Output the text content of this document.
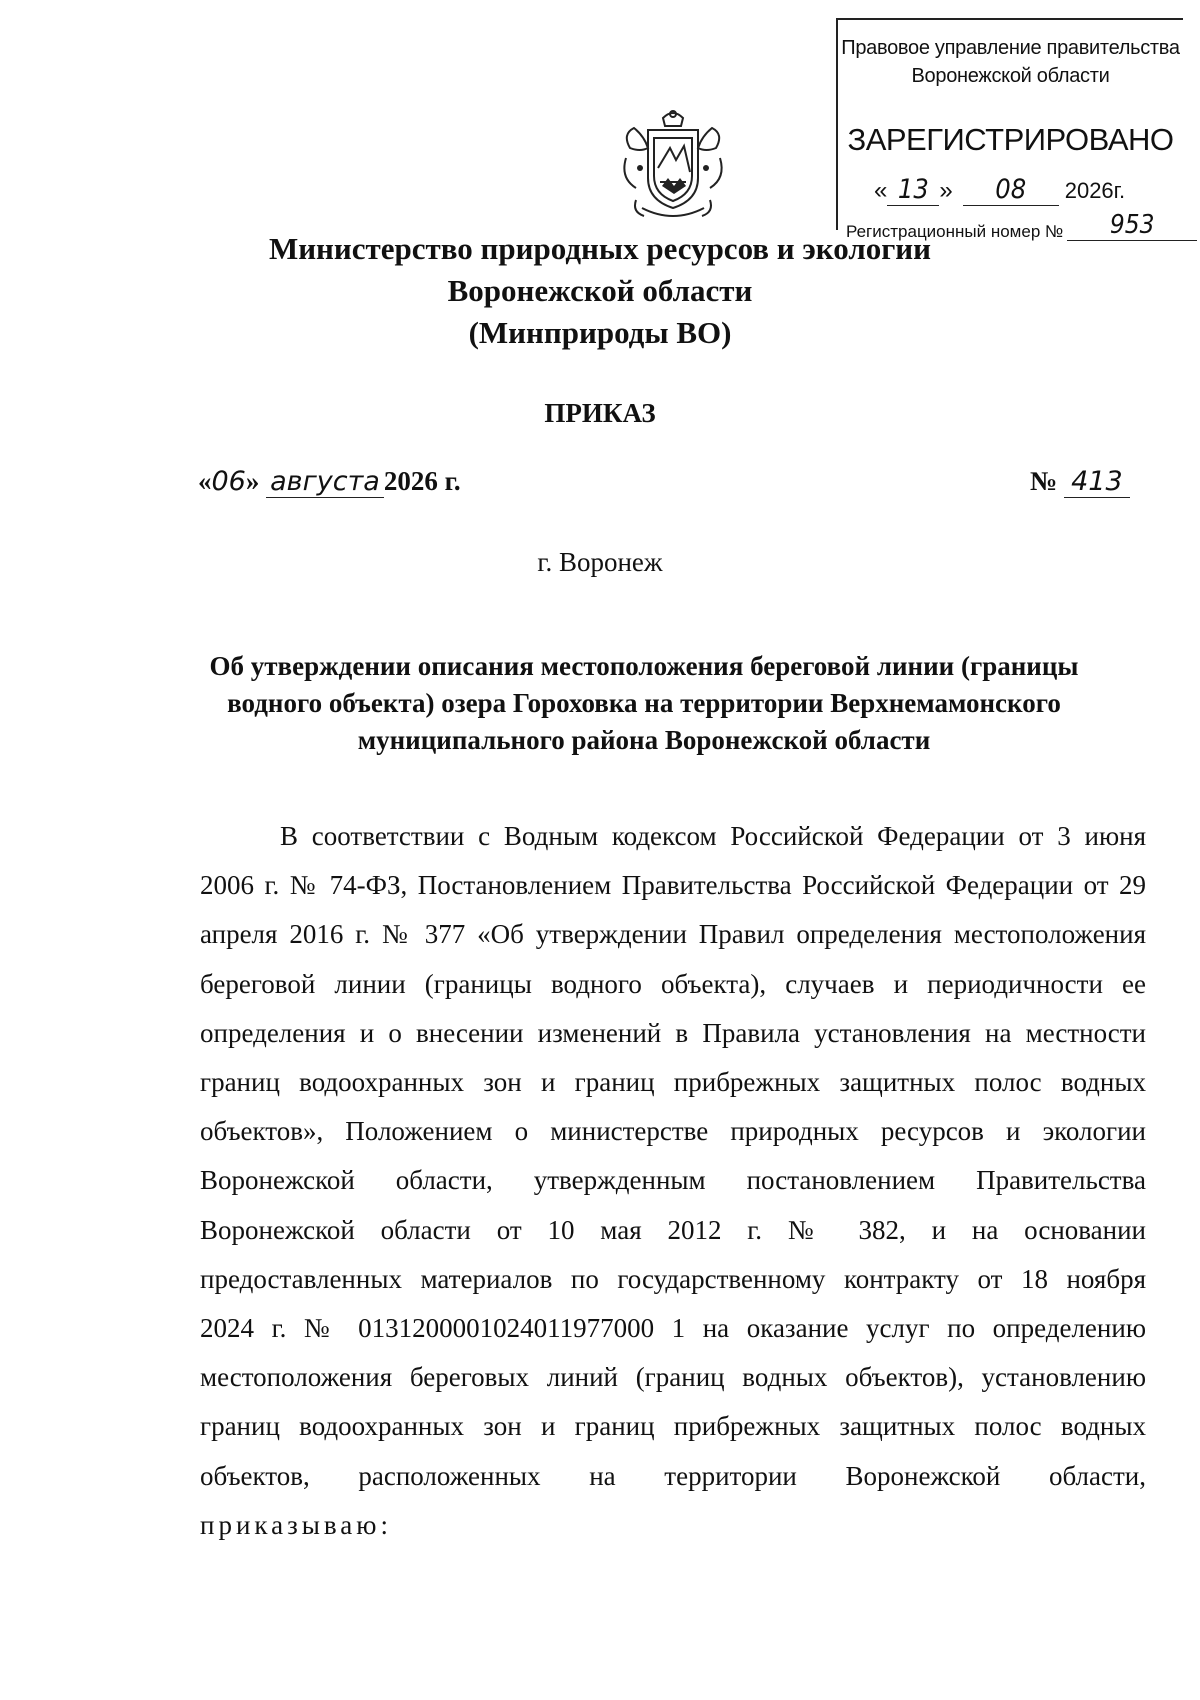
Правовое управление правительства
Воронежской области
ЗАРЕГИСТРИРОВАНО
« 13 » 08 2026г.
Регистрационный номер № 953
Министерство природных ресурсов и экологии
Воронежской области
(Минприроды ВО)
ПРИКАЗ
«06» августа 2026 г.	№ 413
г. Воронеж
Об утверждении описания местоположения береговой линии (границы
водного объекта) озера Гороховка на территории Верхнемамонского
муниципального района Воронежской области
В соответствии с Водным кодексом Российской Федерации от 3 июня
2006 г. № 74-ФЗ, Постановлением Правительства Российской Федерации от 29
апреля 2016 г. № 377 «Об утверждении Правил определения местоположения
береговой линии (границы водного объекта), случаев и периодичности ее
определения и о внесении изменений в Правила установления на местности
границ водоохранных зон и границ прибрежных защитных полос водных
объектов», Положением о министерстве природных ресурсов и экологии
Воронежской области, утвержденным постановлением Правительства
Воронежской области от 10 мая 2012 г. № 382, и на основании
предоставленных материалов по государственному контракту от 18 ноября
2024 г. № 0131200001024011977000 1 на оказание услуг по определению
местоположения береговых линий (границ водных объектов), установлению
границ водоохранных зон и границ прибрежных защитных полос водных
объектов, расположенных на территории Воронежской области,
приказываю:
